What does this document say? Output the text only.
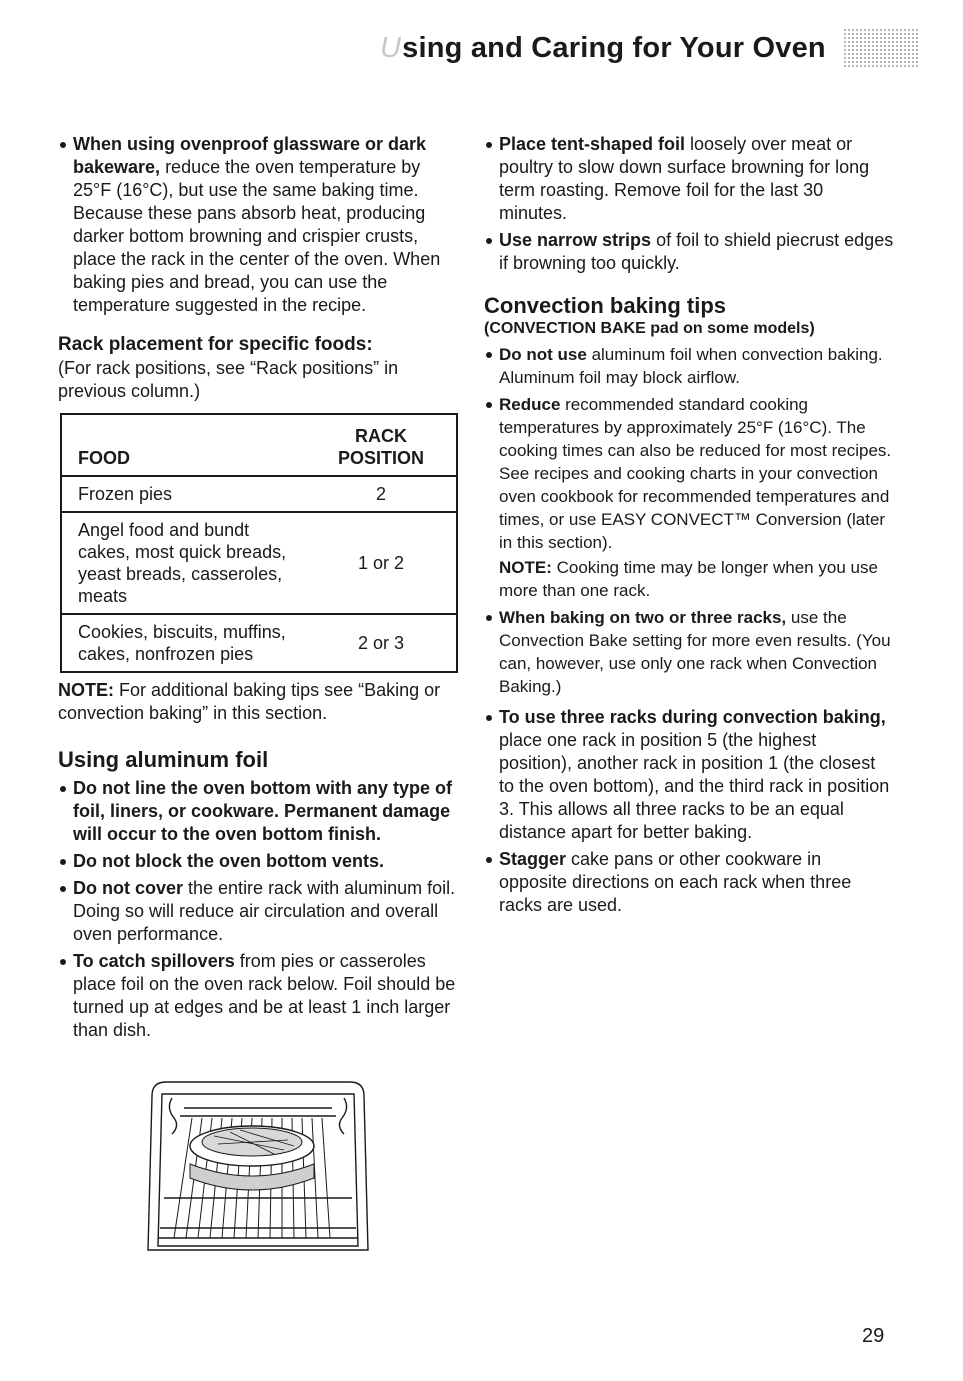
Using and Caring for Your Oven
When using ovenproof glassware or dark bakeware, reduce the oven temperature by 25°F (16°C), but use the same baking time. Because these pans absorb heat, producing darker bottom browning and crispier crusts, place the rack in the center of the oven. When baking pies and bread, you can use the temperature suggested in the recipe.
Rack placement for specific foods:

(For rack positions, see “Rack positions” in previous column.)

FOOD	RACK
POSITION
Frozen pies	2
Angel food and bundt cakes, most quick breads, yeast breads, casseroles, meats	1 or 2
Cookies, biscuits, muffins, cakes, nonfrozen pies	2 or 3

NOTE: For additional baking tips see “Baking or convection baking” in this section.

Using aluminum foil
Do not line the oven bottom with any type of foil, liners, or cookware. Permanent damage will occur to the oven bottom finish.
Do not block the oven bottom vents.
Do not cover the entire rack with aluminum foil. Doing so will reduce air circulation and overall oven performance.
To catch spillovers from pies or casseroles place foil on the oven rack below. Foil should be turned up at edges and be at least 1 inch larger than dish.
Place tent-shaped foil loosely over meat or poultry to slow down surface browning for long term roasting. Remove foil for the last 30 minutes.
Use narrow strips of foil to shield piecrust edges if browning too quickly.
Convection baking tips
(CONVECTION BAKE pad on some models)
Do not use aluminum foil when convection baking. Aluminum foil may block airflow.
Reduce recommended standard cooking temperatures by approximately 25°F (16°C). The cooking times can also be reduced for most recipes. See recipes and cooking charts in your convection oven cookbook for recommended temperatures and times, or use EASY CONVECT™ Conversion (later in this section).

NOTE: Cooking time may be longer when you use more than one rack.

When baking on two or three racks, use the Convection Bake setting for more even results. (You can, however, use only one rack when Convection Baking.)
To use three racks during convection baking, place one rack in position 5 (the highest position), another rack in position 1 (the closest to the oven bottom), and the third rack in position 3. This allows all three racks to be an equal distance apart for better baking.
Stagger cake pans or other cookware in opposite directions on each rack when three racks are used.
29
